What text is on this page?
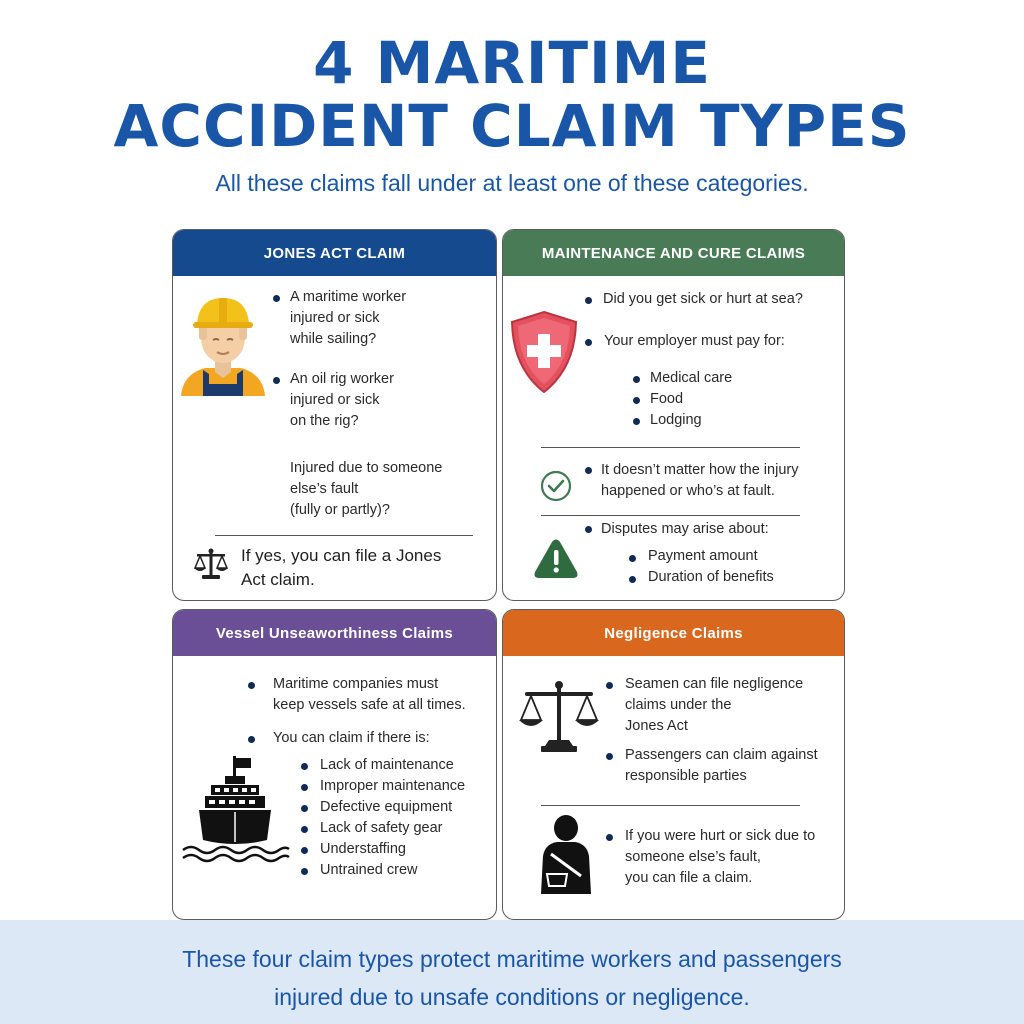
4 MARITIME
ACCIDENT CLAIM TYPES
All these claims fall under at least one of these categories.
JONES ACT CLAIM
A maritime worker
injured or sick
while sailing?
An oil rig worker
injured or sick
on the rig?
Injured due to someone
else’s fault
(fully or partly)?
If yes, you can file a Jones
Act claim.
MAINTENANCE AND CURE CLAIMS
Did you get sick or hurt at sea?
Your employer must pay for:
Medical care
Food
Lodging
It doesn’t matter how the injury
happened or who’s at fault.
Disputes may arise about:
Payment amount
Duration of benefits
Vessel Unseaworthiness Claims
Maritime companies must
keep vessels safe at all times.
You can claim if there is:
Lack of maintenance
Improper maintenance
Defective equipment
Lack of safety gear
Understaffing
Untrained crew
Negligence Claims
Seamen can file negligence
claims under the
Jones Act
Passengers can claim against
responsible parties
If you were hurt or sick due to
someone else’s fault,
you can file a claim.
These four claim types protect maritime workers and passengers
injured due to unsafe conditions or negligence.
